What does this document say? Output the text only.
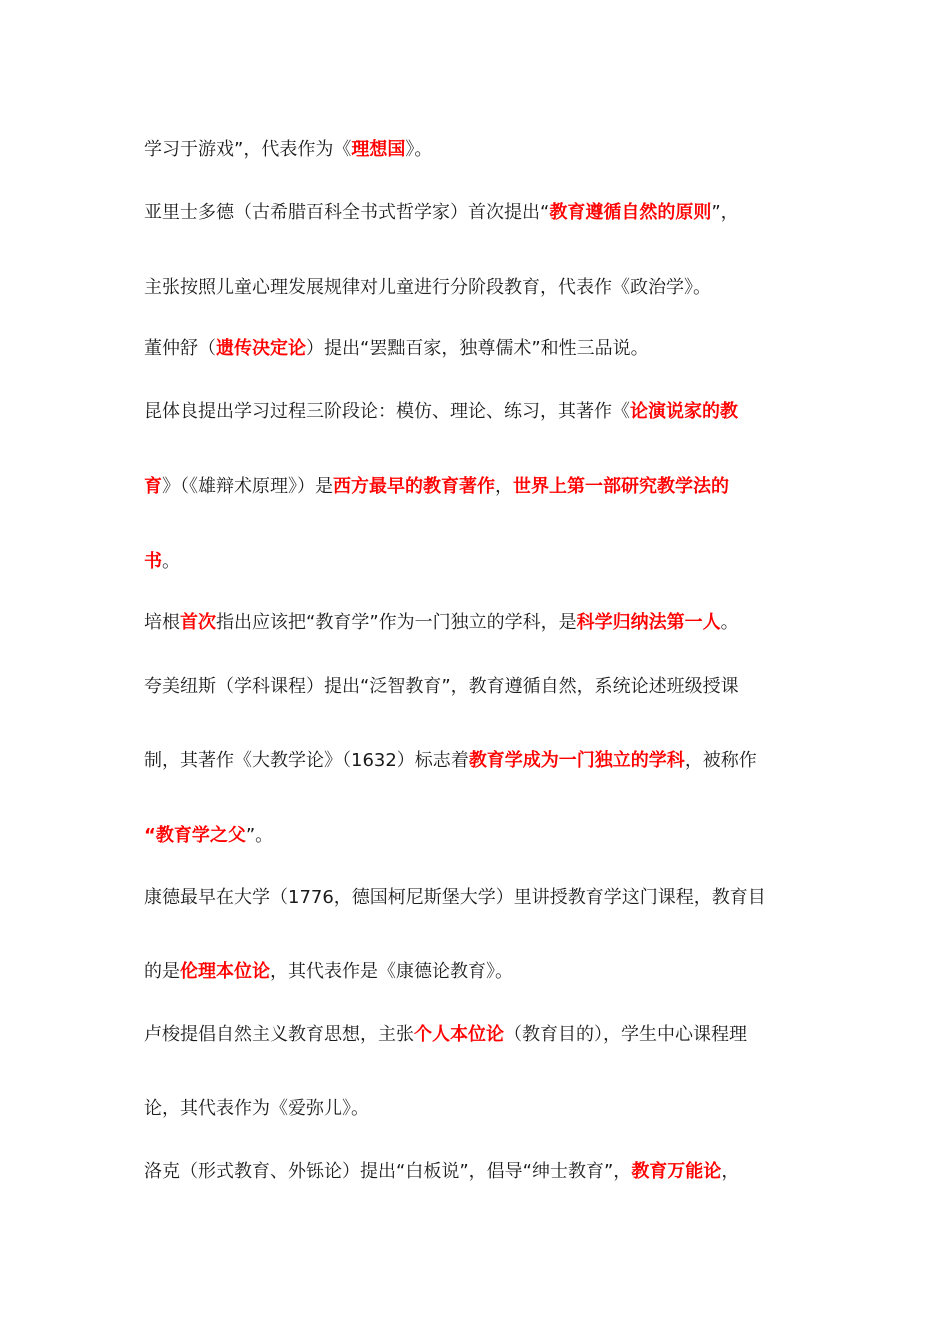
学习于游戏”，代表作为《理想国》。
亚里士多德（古希腊百科全书式哲学家）首次提出“教育遵循自然的原则”，
主张按照儿童心理发展规律对儿童进行分阶段教育，代表作《政治学》。
董仲舒（遗传决定论）提出“罢黜百家，独尊儒术”和性三品说。
昆体良提出学习过程三阶段论：模仿、理论、练习，其著作《论演说家的教
育》（《雄辩术原理》）是西方最早的教育著作，世界上第一部研究教学法的
书。
培根首次指出应该把“教育学”作为一门独立的学科，是科学归纳法第一人。
夸美纽斯（学科课程）提出“泛智教育”，教育遵循自然，系统论述班级授课
制，其著作《大教学论》（1632）标志着教育学成为一门独立的学科，被称作
“教育学之父”。
康德最早在大学（1776，德国柯尼斯堡大学）里讲授教育学这门课程，教育目
的是伦理本位论，其代表作是《康德论教育》。
卢梭提倡自然主义教育思想，主张个人本位论（教育目的），学生中心课程理
论，其代表作为《爱弥儿》。
洛克（形式教育、外铄论）提出“白板说”，倡导“绅士教育”，教育万能论，
